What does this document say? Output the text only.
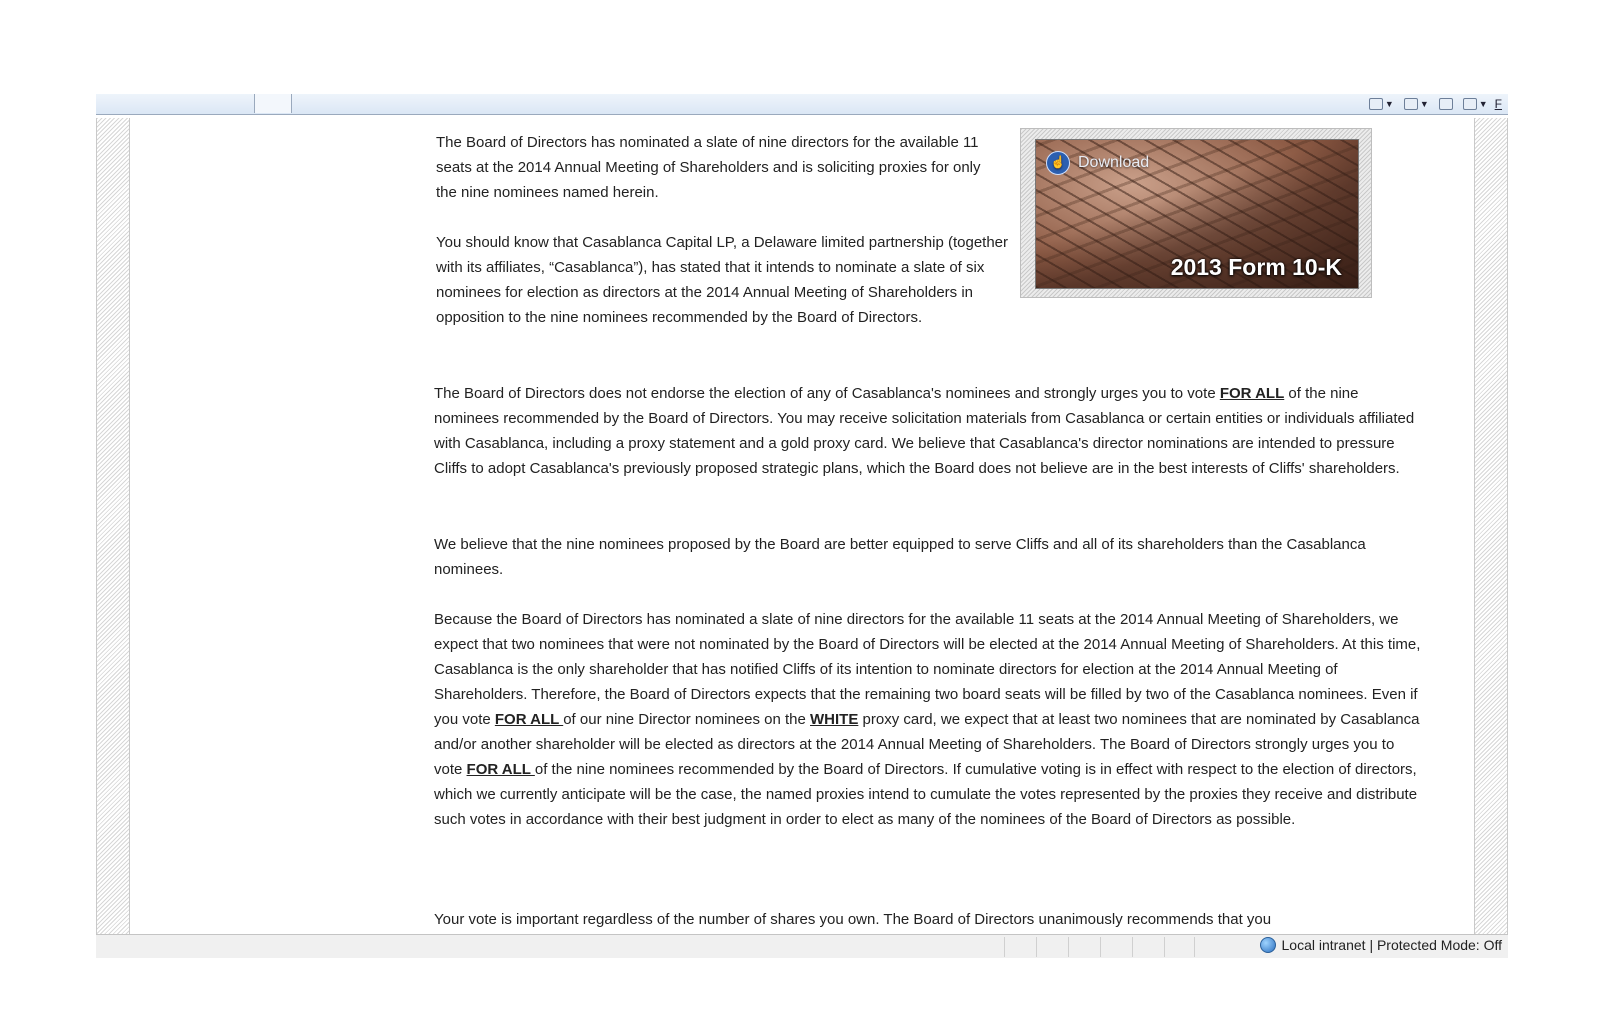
▼	▼	▼ F

The Board of Directors has nominated a slate of nine directors for the available 11 seats at the 2014 Annual Meeting of Shareholders and is soliciting proxies for only the nine nominees named herein.

You should know that Casablanca Capital LP, a Delaware limited partnership (together with its affiliates, “Casablanca”), has stated that it intends to nominate a slate of six nominees for election as directors at the 2014 Annual Meeting of Shareholders in opposition to the nine nominees recommended by the Board of Directors.

☝ Download
2013 Form 10-K

The Board of Directors does not endorse the election of any of Casablanca's nominees and strongly urges you to vote FOR ALL of the nine nominees recommended by the Board of Directors. You may receive solicitation materials from Casablanca or certain entities or individuals affiliated with Casablanca, including a proxy statement and a gold proxy card. We believe that Casablanca's director nominations are intended to pressure Cliffs to adopt Casablanca's previously proposed strategic plans, which the Board does not believe are in the best interests of Cliffs' shareholders.

We believe that the nine nominees proposed by the Board are better equipped to serve Cliffs and all of its shareholders than the Casablanca nominees.

Because the Board of Directors has nominated a slate of nine directors for the available 11 seats at the 2014 Annual Meeting of Shareholders, we expect that two nominees that were not nominated by the Board of Directors will be elected at the 2014 Annual Meeting of Shareholders. At this time, Casablanca is the only shareholder that has notified Cliffs of its intention to nominate directors for election at the 2014 Annual Meeting of Shareholders. Therefore, the Board of Directors expects that the remaining two board seats will be filled by two of the Casablanca nominees. Even if you vote FOR ALL of our nine Director nominees on the WHITE proxy card, we expect that at least two nominees that are nominated by Casablanca and/or another shareholder will be elected as directors at the 2014 Annual Meeting of Shareholders. The Board of Directors strongly urges you to vote FOR ALL of the nine nominees recommended by the Board of Directors. If cumulative voting is in effect with respect to the election of directors, which we currently anticipate will be the case, the named proxies intend to cumulate the votes represented by the proxies they receive and distribute such votes in accordance with their best judgment in order to elect as many of the nominees of the Board of Directors as possible.

Your vote is important regardless of the number of shares you own. The Board of Directors unanimously recommends that you

Local intranet | Protected Mode: Off
